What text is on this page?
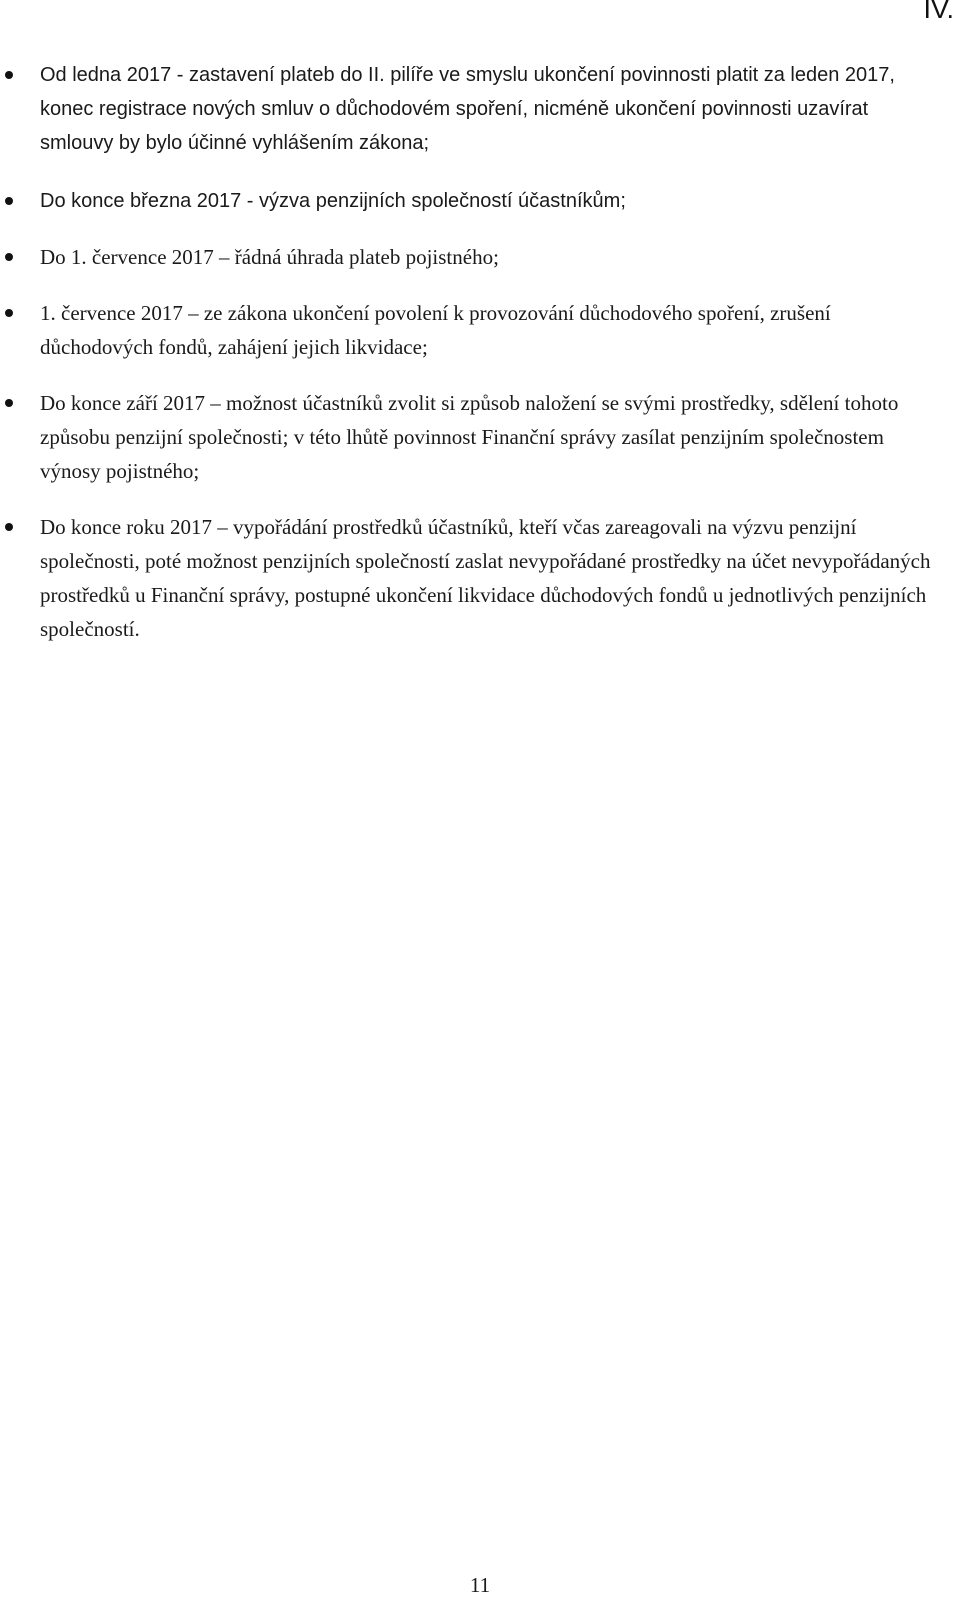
IV.
Od ledna 2017 - zastavení plateb do II. pilíře ve smyslu ukončení povinnosti platit za leden 2017, konec registrace nových smluv o důchodovém spoření, nicméně ukončení povinnosti uzavírat smlouvy by bylo účinné vyhlášením zákona;
Do konce března 2017 - výzva penzijních společností účastníkům;
Do 1. července 2017 – řádná úhrada plateb pojistného;
1. července 2017 – ze zákona ukončení povolení k provozování důchodového spoření, zrušení důchodových fondů, zahájení jejich likvidace;
Do konce září 2017 – možnost účastníků zvolit si způsob naložení se svými prostředky, sdělení tohoto způsobu penzijní společnosti; v této lhůtě povinnost Finanční správy zasílat penzijním společnostem výnosy pojistného;
Do konce roku 2017 – vypořádání prostředků účastníků, kteří včas zareagovali na výzvu penzijní společnosti, poté možnost penzijních společností zaslat nevypořádané prostředky na účet nevypořádaných prostředků u Finanční správy, postupné ukončení likvidace důchodových fondů u jednotlivých penzijních společností.
11
